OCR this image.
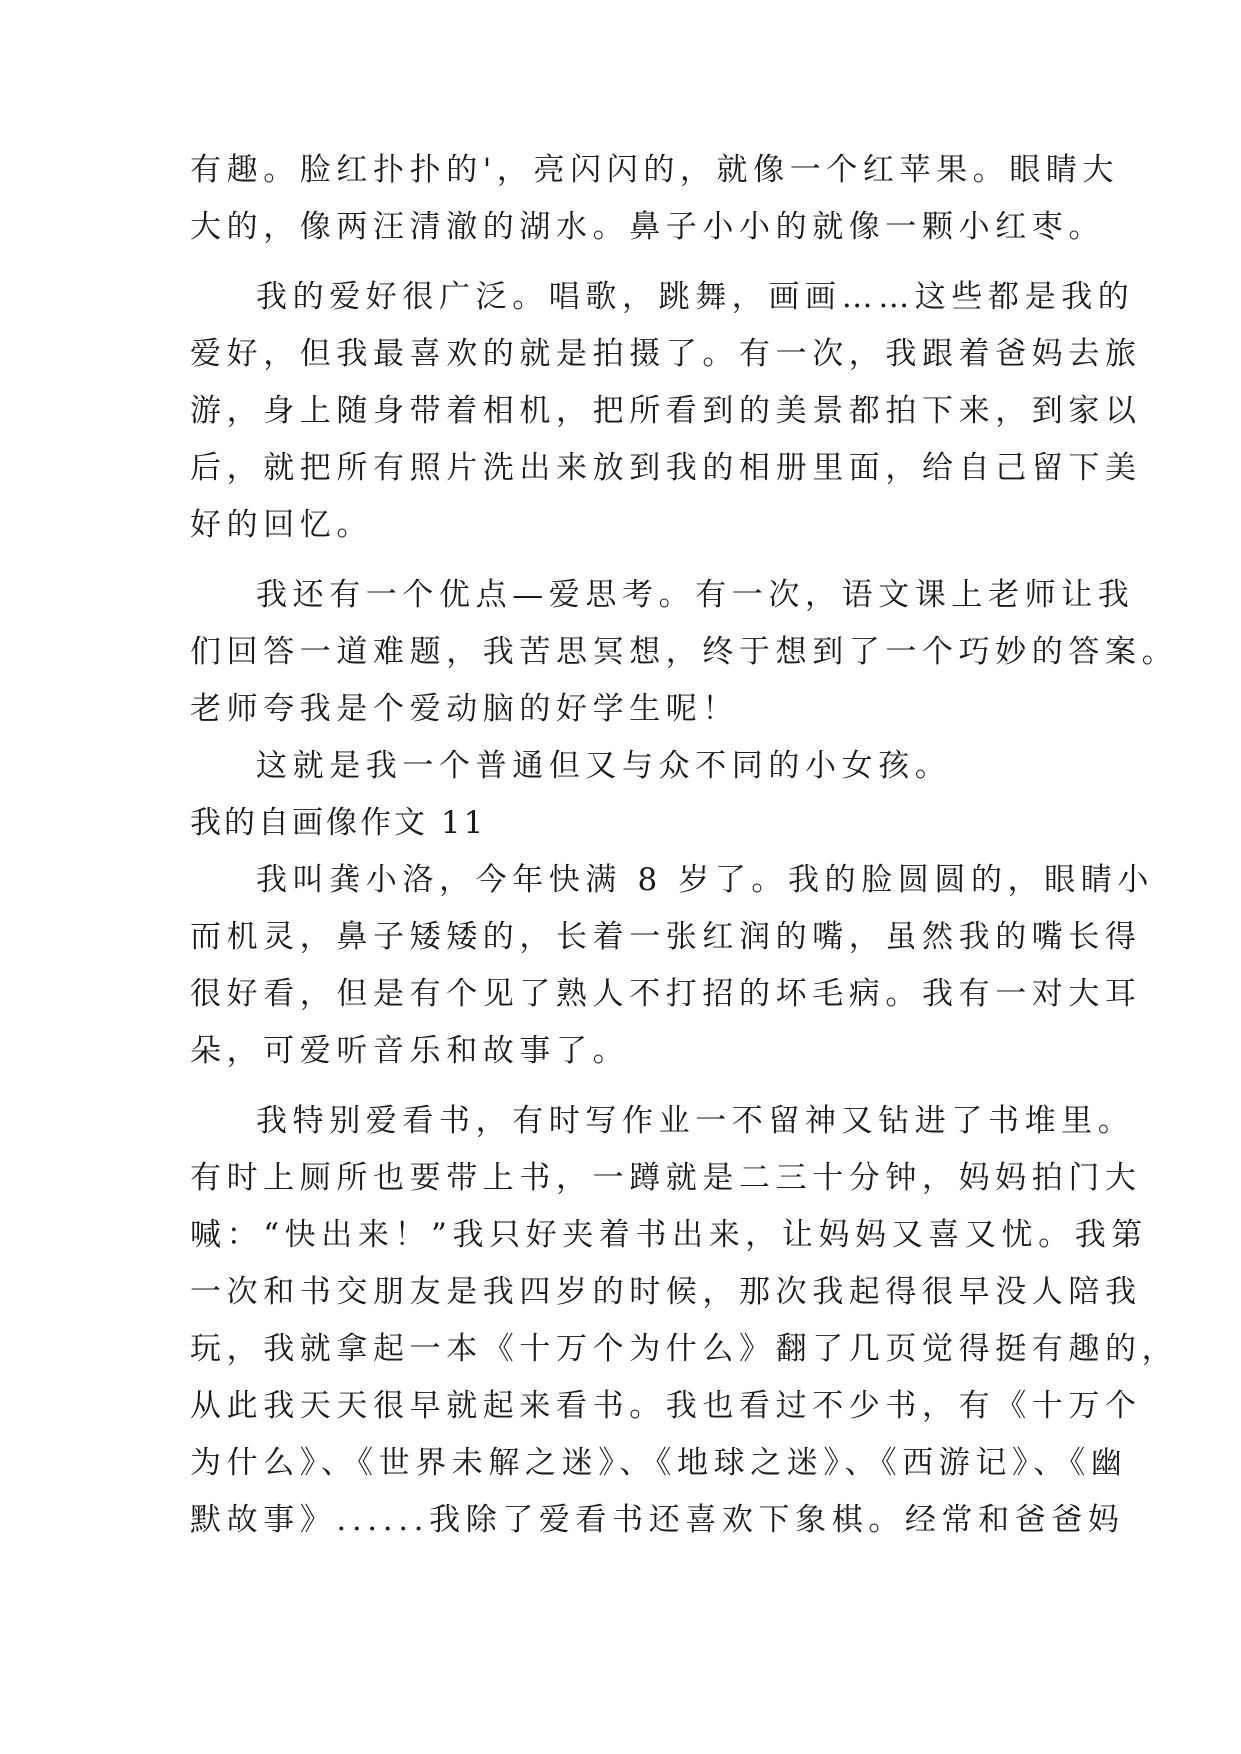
有趣。脸红扑扑的'，亮闪闪的，就像一个红苹果。眼睛大
大的，像两汪清澈的湖水。鼻子小小的就像一颗小红枣。
我的爱好很广泛。唱歌，跳舞，画画……这些都是我的
爱好，但我最喜欢的就是拍摄了。有一次，我跟着爸妈去旅
游，身上随身带着相机，把所看到的美景都拍下来，到家以
后，就把所有照片洗出来放到我的相册里面，给自己留下美
好的回忆。
我还有一个优点—爱思考。有一次，语文课上老师让我
们回答一道难题，我苦思冥想，终于想到了一个巧妙的答案。
老师夸我是个爱动脑的好学生呢！
这就是我一个普通但又与众不同的小女孩。
我的自画像作文 11
我叫龚小洛，今年快满 8 岁了。我的脸圆圆的，眼睛小
而机灵，鼻子矮矮的，长着一张红润的嘴，虽然我的嘴长得
很好看，但是有个见了熟人不打招的坏毛病。我有一对大耳
朵，可爱听音乐和故事了。
我特别爱看书，有时写作业一不留神又钻进了书堆里。
有时上厕所也要带上书，一蹲就是二三十分钟，妈妈拍门大
喊：“快出来！”我只好夹着书出来，让妈妈又喜又忧。我第
一次和书交朋友是我四岁的时候，那次我起得很早没人陪我
玩，我就拿起一本《十万个为什么》翻了几页觉得挺有趣的，
从此我天天很早就起来看书。我也看过不少书，有《十万个
为什么》、《世界未解之迷》、《地球之迷》、《西游记》、《幽
默故事》......我除了爱看书还喜欢下象棋。经常和爸爸妈
